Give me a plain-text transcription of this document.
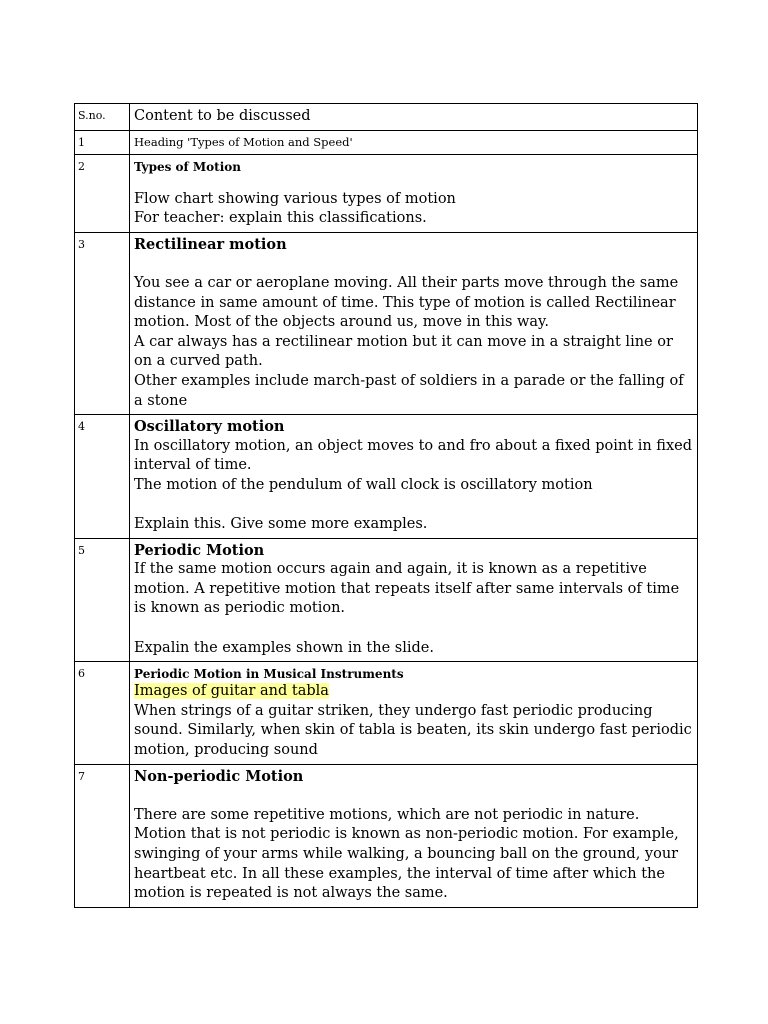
S.no.	Content to be discussed
1	Heading 'Types of Motion and Speed'

2	Types of Motion
Flow chart showing various types of motion
For teacher: explain this classifications.

3	Rectilinear motion
You see a car or aeroplane moving. All their parts move through the same distance in same amount of time. This type of motion is called Rectilinear motion. Most of the objects around us, move in this way.
A car always has a rectilinear motion but it can move in a straight line or on a curved path.
Other examples include march-past of soldiers in a parade or the falling of a stone

4	Oscillatory motion
In oscillatory motion, an object moves to and fro about a fixed point in fixed interval of time.
The motion of the pendulum of wall clock is oscillatory motion
Explain this. Give some more examples.

5	Periodic Motion
If the same motion occurs again and again, it is known as a repetitive motion. A repetitive motion that repeats itself after same intervals of time is known as periodic motion.
Expalin the examples shown in the slide.

6	Periodic Motion in Musical Instruments
Images of guitar and tabla
When strings of a guitar striken, they undergo fast periodic producing sound. Similarly, when skin of tabla is beaten, its skin undergo fast periodic motion, producing sound

7	Non-periodic Motion
There are some repetitive motions, which are not periodic in nature. Motion that is not periodic is known as non-periodic motion. For example, swinging of your arms while walking, a bouncing ball on the ground, your heartbeat etc. In all these examples, the interval of time after which the motion is repeated is not always the same.
